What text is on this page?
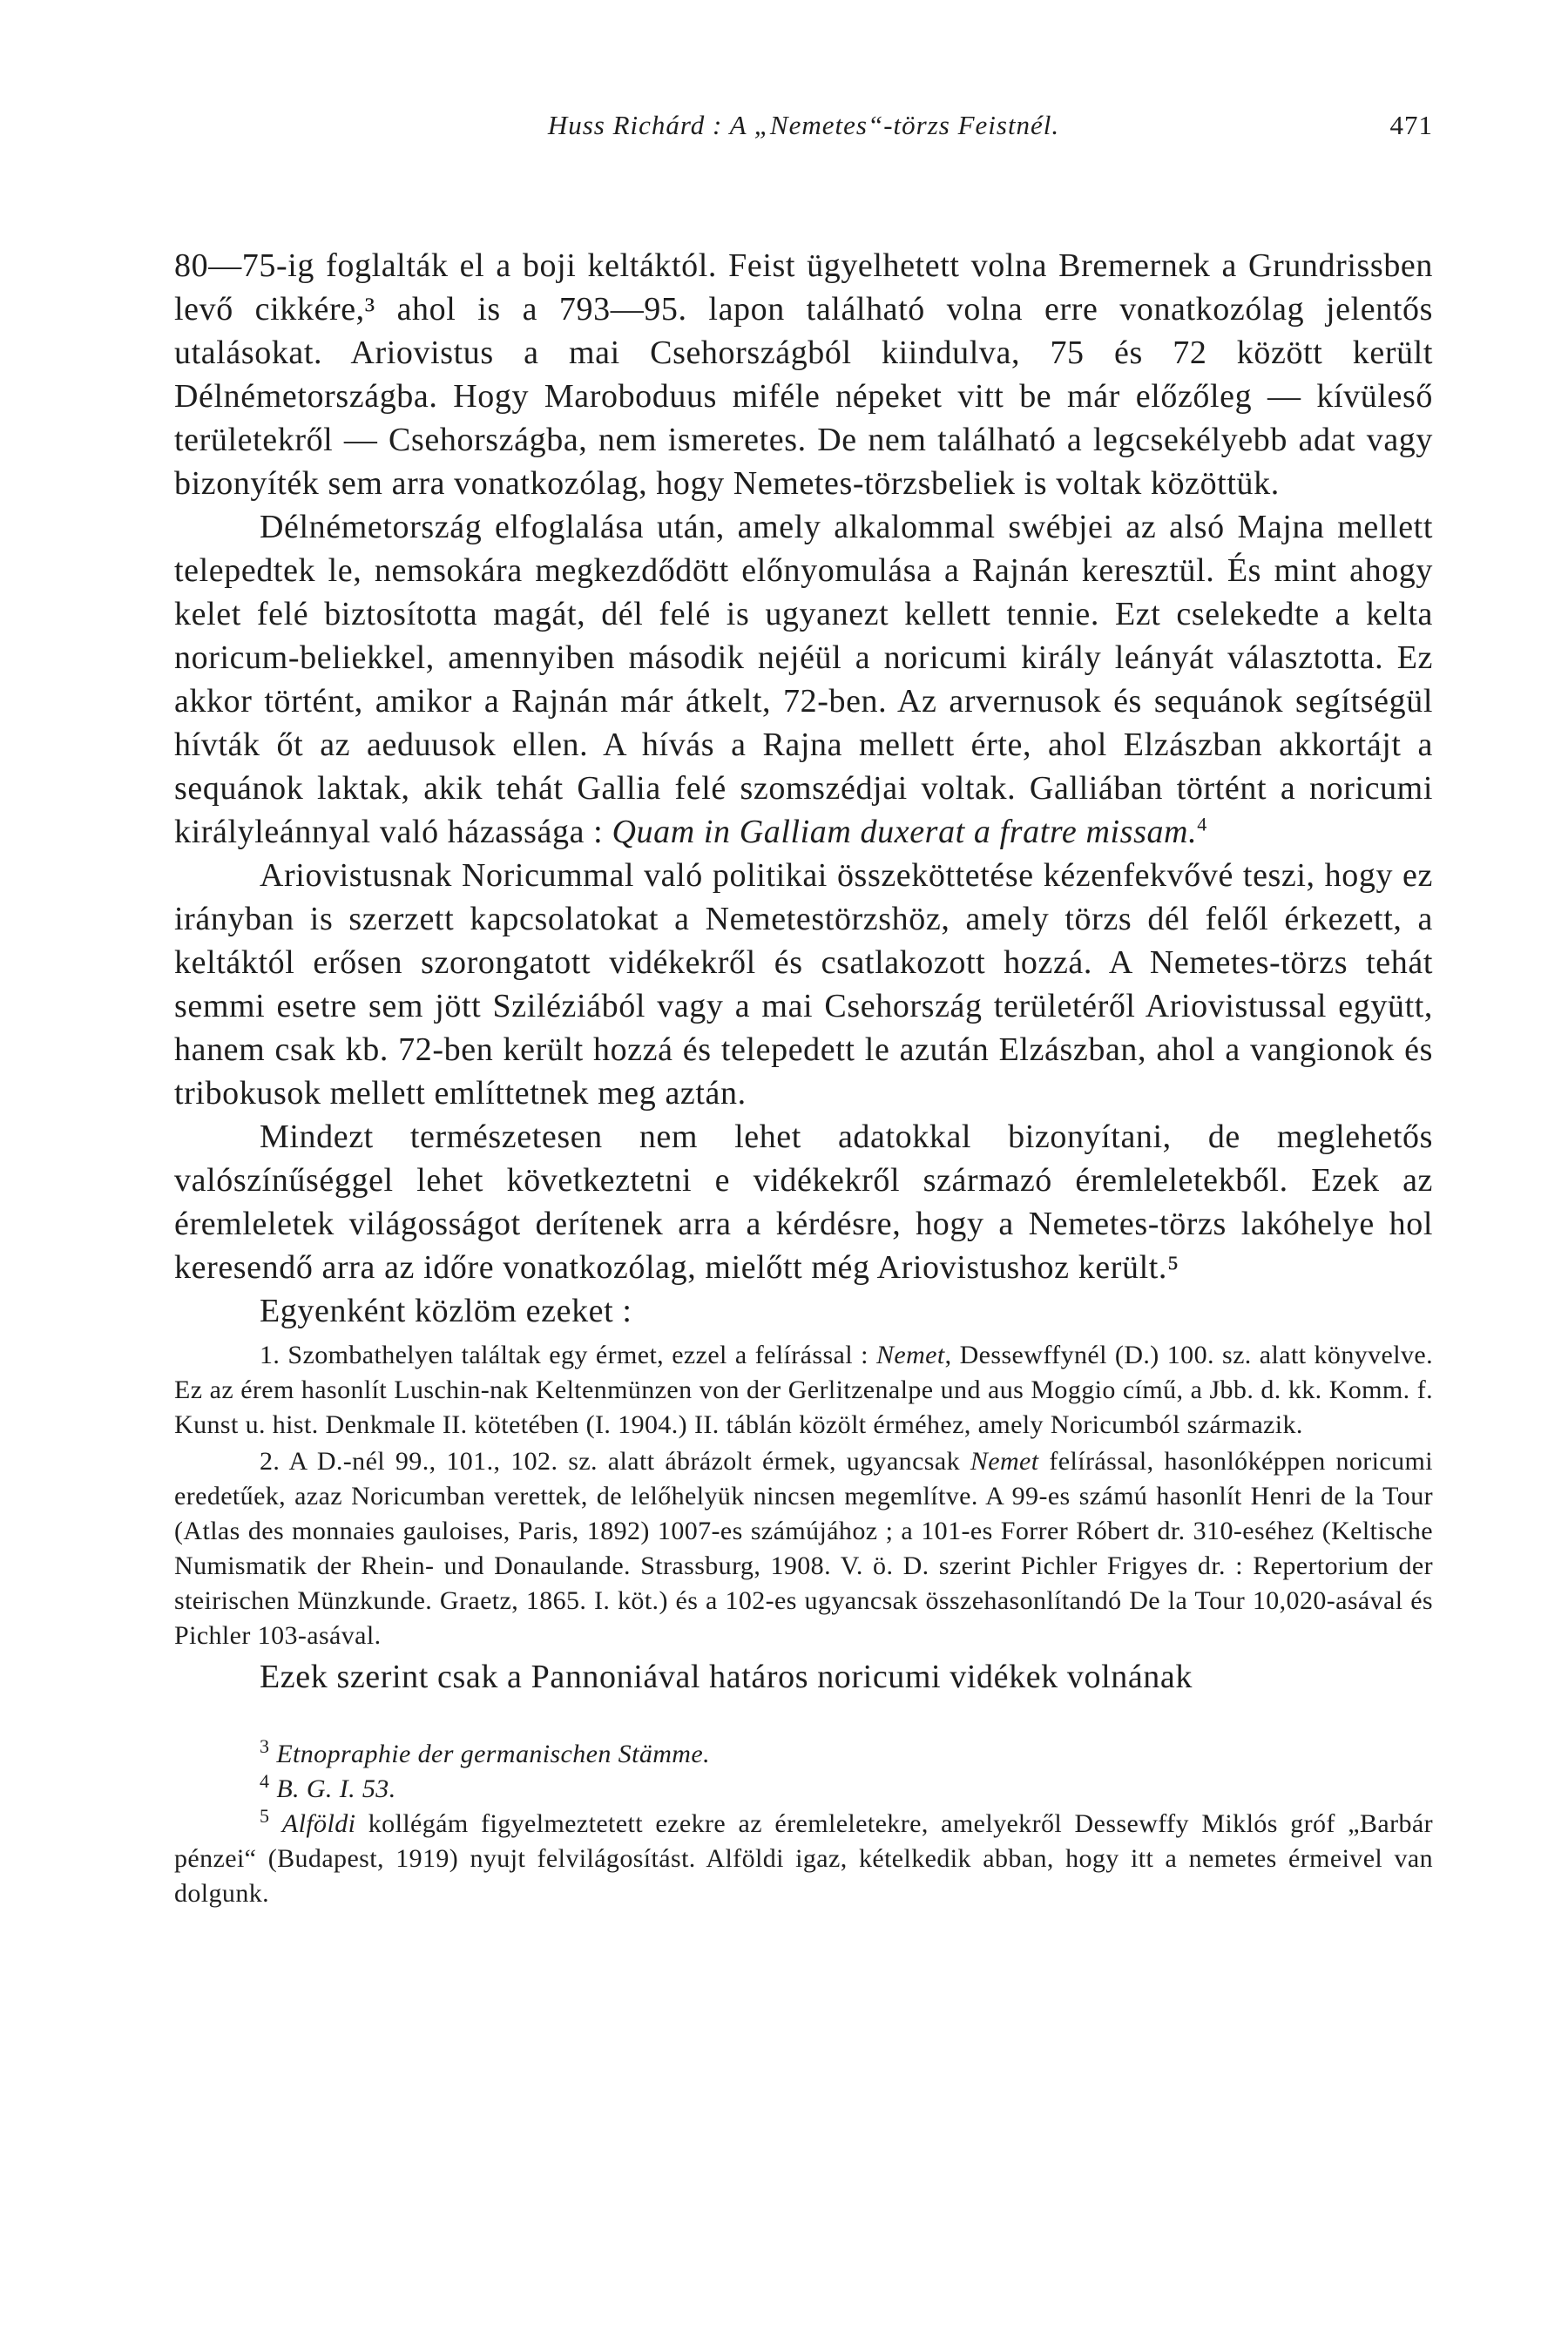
Huss Richárd : A „Nemetes“-törzs Feistnél.	471

80—75-ig foglalták el a boji keltáktól. Feist ügyelhetett volna Bremernek a Grundrissben levő cikkére,³ ahol is a 793—95. lapon található volna erre vonatkozólag jelentős utalásokat. Ariovistus a mai Csehországból kiindulva, 75 és 72 között került Délnémetországba. Hogy Maroboduus miféle népeket vitt be már előzőleg — kívüleső területekről — Csehországba, nem ismeretes. De nem található a legcsekélyebb adat vagy bizonyíték sem arra vonatkozólag, hogy Nemetes-törzsbeliek is voltak közöttük.

Délnémetország elfoglalása után, amely alkalommal swébjei az alsó Majna mellett telepedtek le, nemsokára megkezdődött előnyomulása a Rajnán keresztül. És mint ahogy kelet felé biztosította magát, dél felé is ugyanezt kellett tennie. Ezt cselekedte a kelta noricum-beliekkel, amennyiben második nejéül a noricumi király leányát választotta. Ez akkor történt, amikor a Rajnán már átkelt, 72-ben. Az arvernusok és sequánok segítségül hívták őt az aeduusok ellen. A hívás a Rajna mellett érte, ahol Elzászban akkortájt a sequánok laktak, akik tehát Gallia felé szomszédjai voltak. Galliában történt a noricumi királyleánnyal való házassága : Quam in Galliam duxerat a fratre missam.$^4$

Ariovistusnak Noricummal való politikai összeköttetése kézenfekvővé teszi, hogy ez irányban is szerzett kapcsolatokat a Nemetestörzshöz, amely törzs dél felől érkezett, a keltáktól erősen szorongatott vidékekről és csatlakozott hozzá. A Nemetes-törzs tehát semmi esetre sem jött Sziléziából vagy a mai Csehország területéről Ariovistussal együtt, hanem csak kb. 72-ben került hozzá és telepedett le azután Elzászban, ahol a vangionok és tribokusok mellett említtetnek meg aztán.

Mindezt természetesen nem lehet adatokkal bizonyítani, de meglehetős valószínűséggel lehet következtetni e vidékekről származó éremleletekből. Ezek az éremleletek világosságot derítenek arra a kérdésre, hogy a Nemetes-törzs lakóhelye hol keresendő arra az időre vonatkozólag, mielőtt még Ariovistushoz került.⁵

Egyenként közlöm ezeket :

1. Szombathelyen találtak egy érmet, ezzel a felírással : Nemet, Dessewffynél (D.) 100. sz. alatt könyvelve. Ez az érem hasonlít Luschin-nak Keltenmünzen von der Gerlitzenalpe und aus Moggio című, a Jbb. d. kk. Komm. f. Kunst u. hist. Denkmale II. kötetében (I. 1904.) II. táblán közölt érméhez, amely Noricumból származik.

2. A D.-nél 99., 101., 102. sz. alatt ábrázolt érmek, ugyancsak Nemet felírással, hasonlóképpen noricumi eredetűek, azaz Noricumban verettek, de lelőhelyük nincsen megemlítve. A 99-es számú hasonlít Henri de la Tour (Atlas des monnaies gauloises, Paris, 1892) 1007-es számújához ; a 101-es Forrer Róbert dr. 310-eséhez (Keltische Numismatik der Rhein- und Donaulande. Strassburg, 1908. V. ö. D. szerint Pichler Frigyes dr. : Repertorium der steirischen Münzkunde. Graetz, 1865. I. köt.) és a 102-es ugyancsak összehasonlítandó De la Tour 10,020-asával és Pichler 103-asával.

Ezek szerint csak a Pannoniával határos noricumi vidékek volnának

$^3$ Etnopraphie der germanischen Stämme.

$^4$ B. G. I. 53.

$^5$ Alföldi kollégám figyelmeztetett ezekre az éremleletekre, amelyekről Dessewffy Miklós gróf „Barbár pénzei“ (Budapest, 1919) nyujt felvilágosítást. Alföldi igaz, kételkedik abban, hogy itt a nemetes érmeivel van dolgunk.
